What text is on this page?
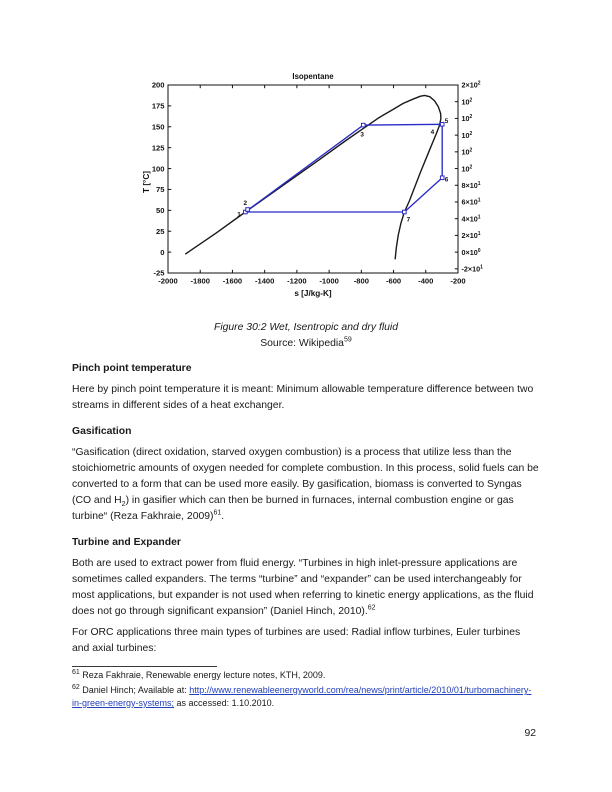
-2000 -1800 -1600 -1400 -1200 -1000 -800 -600 -400 -200
200
175
150
125
100
75
50
25
0
-25
$2\times 10^2$
$10^2$
$10^2$
$10^2$
$10^2$
$10^2$
$8\times 10^1$
$6\times 10^1$
$4\times 10^1$
$2\times 10^1$
$0\times 10^0$
$-2\times 10^1$
1
2
3	4
5
6
7
Isopentane
s [J/kg-K]
T [°C]
Figure 30:2 Wet, Isentropic and dry fluid
Source: Wikipedia$^{59}$
Pinch point temperature

Here by pinch point temperature it is meant: Minimum allowable temperature difference between two streams in different sides of a heat exchanger.

Gasification

“Gasification (direct oxidation, starved oxygen combustion) is a process that utilize less than the stoichiometric amounts of oxygen needed for complete combustion. In this process, solid fuels can be converted to a form that can be used more easily. By gasification, biomass is converted to Syngas (CO and $H_2$) in gasifier which can then be burned in furnaces, internal combustion engine or gas turbine“ (Reza Fakhraie, 2009)$^{61}$.

Turbine and Expander

Both are used to extract power from fluid energy. “Turbines in high inlet-pressure applications are sometimes called expanders. The terms “turbine” and “expander” can be used interchangeably for most applications, but expander is not used when referring to kinetic energy applications, as the fluid does not go through significant expansion” (Daniel Hinch, 2010).$^{62}$

For ORC applications three main types of turbines are used: Radial inflow turbines, Euler turbines and axial turbines:

$^{61}$ Reza Fakhraie, Renewable energy lecture notes, KTH, 2009.
$^{62}$ Daniel Hinch; Available at: http://www.renewableenergyworld.com/rea/news/print/article/2010/01/turbomachinery-in-green-energy-systems; as accessed: 1.10.2010.
92
